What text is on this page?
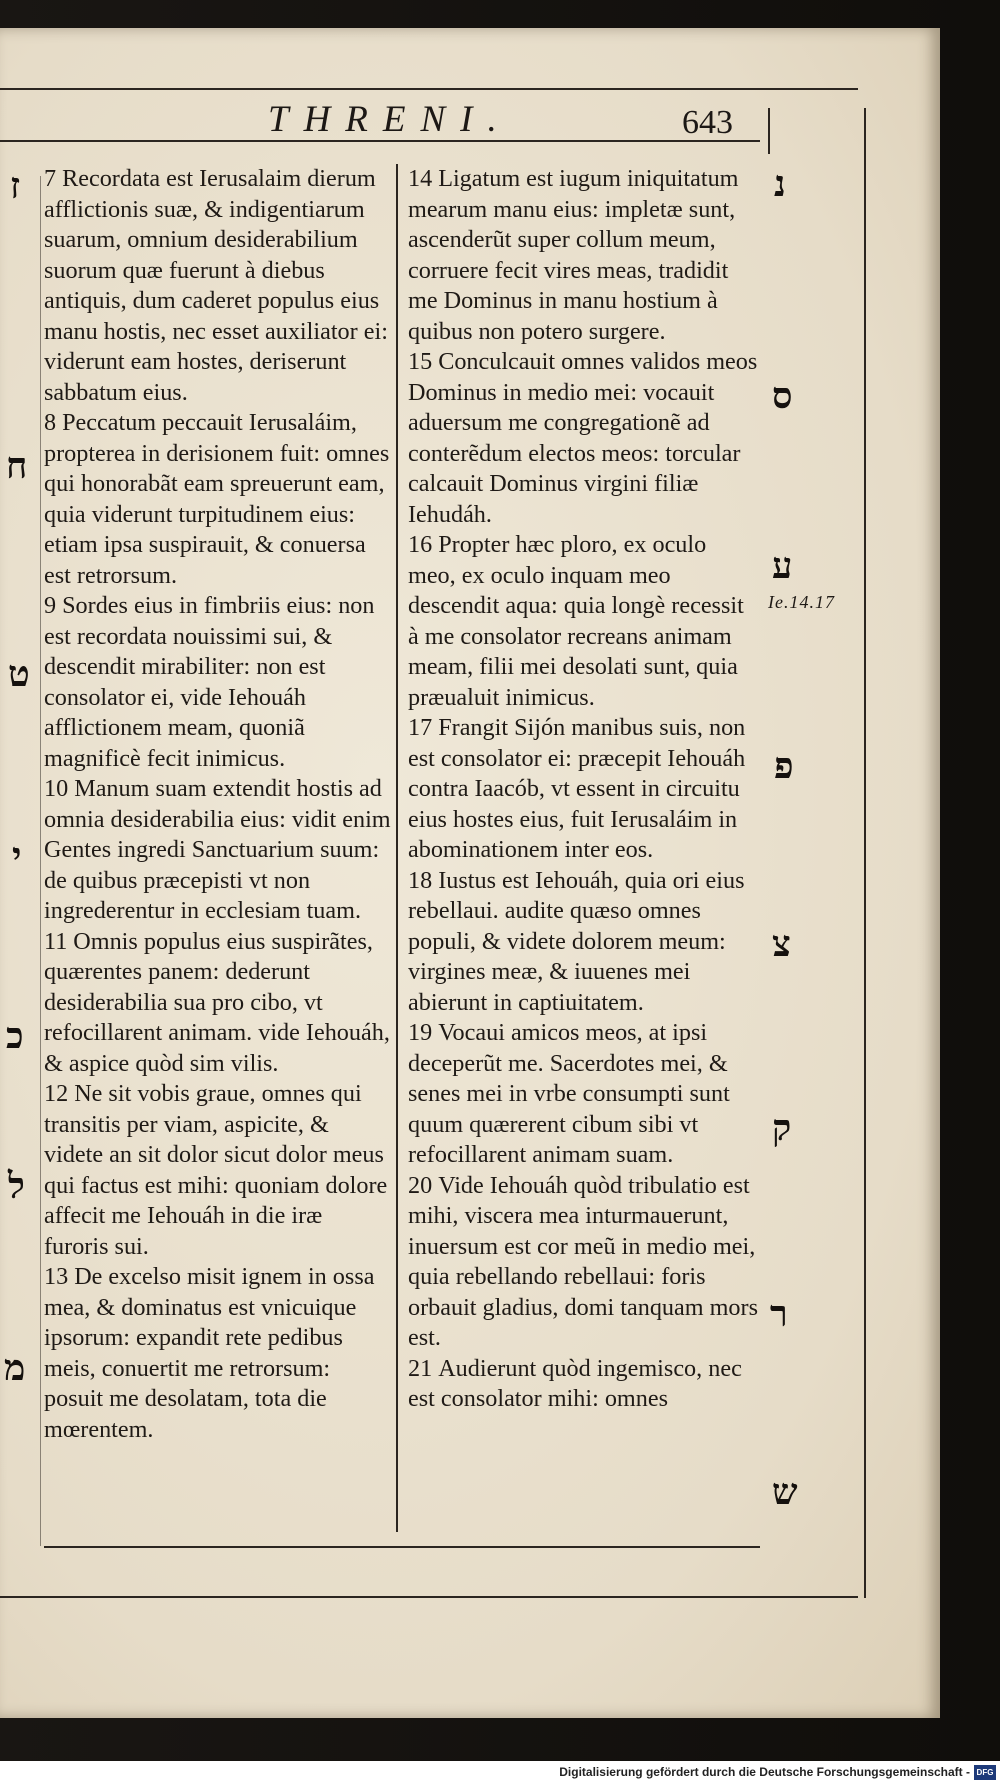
THRENI.	643

7 Recordata est Ierusalaim dierum afflictionis suæ, & indigentiarum suarum, omnium desiderabilium suorum quæ fuerunt à diebus antiquis, dum caderet populus eius manu hostis, nec esset auxiliator ei: viderunt eam hostes, deriserunt sabbatum eius.

8 Peccatum peccauit Ierusaláim, propterea in derisionem fuit: omnes qui honorabãt eam spreuerunt eam, quia viderunt turpitudinem eius: etiam ipsa suspirauit, & conuersa est retrorsum.

9 Sordes eius in fimbriis eius: non est recordata nouissimi sui, & descendit mirabiliter: non est consolator ei, vide Iehouáh afflictionem meam, quoniã magnificè fecit inimicus.

10 Manum suam extendit hostis ad omnia desiderabilia eius: vidit enim Gentes ingredi Sanctuarium suum: de quibus præcepisti vt non ingrederentur in ecclesiam tuam.

11 Omnis populus eius suspirãtes, quærentes panem: dederunt desiderabilia sua pro cibo, vt refocillarent animam. vide Iehouáh, & aspice quòd sim vilis.

12 Ne sit vobis graue, omnes qui transitis per viam, aspicite, & videte an sit dolor sicut dolor meus qui factus est mihi: quoniam dolore affecit me Iehouáh in die iræ furoris sui.

13 De excelso misit ignem in ossa mea, & dominatus est vnicuique ipsorum: expandit rete pedibus meis, conuertit me retrorsum: posuit me desolatam, tota die mœrentem.

14 Ligatum est iugum iniquitatum mearum manu eius: impletæ sunt, ascenderũt super collum meum, corruere fecit vires meas, tradidit me Dominus in manu hostium à quibus non potero surgere.

15 Conculcauit omnes validos meos Dominus in medio mei: vocauit aduersum me congregationẽ ad conterẽdum electos meos: torcular calcauit Dominus virgini filiæ Iehudáh.

16 Propter hæc ploro, ex oculo meo, ex oculo inquam meo descendit aqua: quia longè recessit à me consolator recreans animam meam, filii mei desolati sunt, quia præualuit inimicus.

17 Frangit Sijón manibus suis, non est consolator ei: præcepit Iehouáh contra Iaacób, vt essent in circuitu eius hostes eius, fuit Ierusaláim in abominationem inter eos.

18 Iustus est Iehouáh, quia ori eius rebellaui. audite quæso omnes populi, & videte dolorem meum: virgines meæ, & iuuenes mei abierunt in captiuitatem.

19 Vocaui amicos meos, at ipsi deceperũt me. Sacerdotes mei, & senes mei in vrbe consumpti sunt quum quærerent cibum sibi vt refocillarent animam suam.

20 Vide Iehouáh quòd tribulatio est mihi, viscera mea inturmauerunt, inuersum est cor meũ in medio mei, quia rebellando rebellaui: foris orbauit gladius, domi tanquam mors est.

21 Audierunt quòd ingemisco, nec est consolator mihi: omnes

ז
ח
ט
י
כ
ל
מ
נ
ס
ע
פ
צ
ק
ר
ש
Ie.14.17
Digitalisierung gefördert durch die Deutsche Forschungsgemeinschaft - DFG
